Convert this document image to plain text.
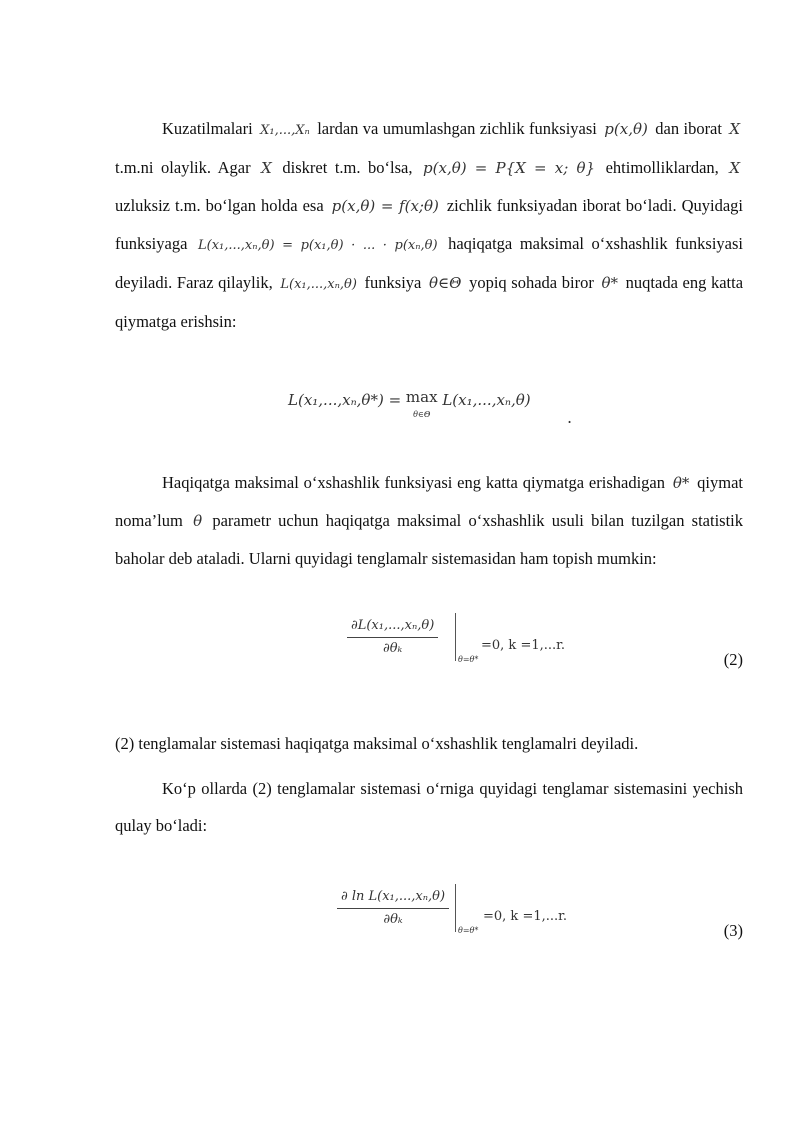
Kuzatilmalari X₁,...,Xₙ lardan va umumlashgan zichlik funksiyasi p(x,θ) dan iborat X t.m.ni olaylik. Agar X diskret t.m. bo‘lsa, p(x,θ) = P{X = x; θ} ehtimolliklardan, X uzluksiz t.m. bo‘lgan holda esa p(x,θ) = f(x;θ) zichlik funksiyadan iborat bo‘ladi. Quyidagi funksiyaga L(x₁,...,xₙ,θ) = p(x₁,θ) · ... · p(xₙ,θ) haqiqatga maksimal o‘xshashlik funksiyasi deyiladi. Faraz qilaylik, L(x₁,...,xₙ,θ) funksiya θ∈Θ yopiq sohada biror θ* nuqtada eng katta qiymatga erishsin:

L(x₁,...,xₙ,θ*) = max
θ∈Θ L(x₁,...,xₙ,θ)
.

Haqiqatga maksimal o‘xshashlik funksiyasi eng katta qiymatga erishadigan θ* qiymat noma’lum θ parametr uchun haqiqatga maksimal o‘xshashlik usuli bilan tuzilgan statistik baholar deb ataladi. Ularni quyidagi tenglamalr sistemasidan ham topish mumkin:

$\frac{\text{∂L(x₁,...,xₙ,θ)}}{\text{∂θₖ}}$
θ=θ*
=0, k =1,...r.
(2)

(2) tenglamalar sistemasi haqiqatga maksimal o‘xshashlik tenglamalri deyiladi.

Ko‘p ollarda (2) tenglamalar sistemasi o‘rniga quyidagi tenglamar sistemasini yechish qulay bo‘ladi:

$\frac{\text{∂ ln L(x₁,...,xₙ,θ)}}{\text{∂θₖ}}$
θ=θ*
=0, k =1,...r.
(3)
